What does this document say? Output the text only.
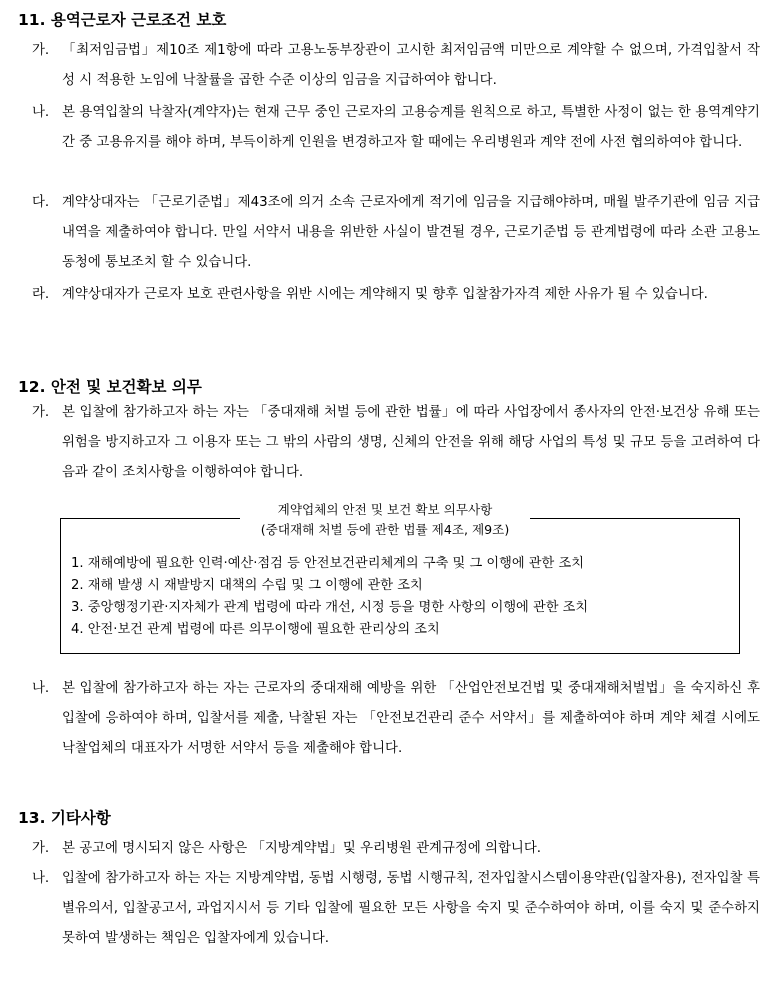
11. 용역근로자 근로조건 보호
가. 「최저임금법」제10조 제1항에 따라 고용노동부장관이 고시한 최저임금액 미만으로 계약할 수 없으며, 가격입찰서 작성 시 적용한 노임에 낙찰률을 곱한 수준 이상의 임금을 지급하여야 합니다.
나. 본 용역입찰의 낙찰자(계약자)는 현재 근무 중인 근로자의 고용승계를 원칙으로 하고, 특별한 사정이 없는 한 용역계약기간 중 고용유지를 해야 하며, 부득이하게 인원을 변경하고자 할 때에는 우리병원과 계약 전에 사전 협의하여야 합니다.
다. 계약상대자는 「근로기준법」제43조에 의거 소속 근로자에게 적기에 임금을 지급해야하며, 매월 발주기관에 임금 지급내역을 제출하여야 합니다. 만일 서약서 내용을 위반한 사실이 발견될 경우, 근로기준법 등 관계법령에 따라 소관 고용노동청에 통보조치 할 수 있습니다.
라. 계약상대자가 근로자 보호 관련사항을 위반 시에는 계약해지 및 향후 입찰참가자격 제한 사유가 될 수 있습니다.
12. 안전 및 보건확보 의무
가. 본 입찰에 참가하고자 하는 자는 「중대재해 처벌 등에 관한 법률」에 따라 사업장에서 종사자의 안전·보건상 유해 또는 위험을 방지하고자 그 이용자 또는 그 밖의 사람의 생명, 신체의 안전을 위해 해당 사업의 특성 및 규모 등을 고려하여 다음과 같이 조치사항을 이행하여야 합니다.
1. 재해예방에 필요한 인력·예산·점검 등 안전보건관리체계의 구축 및 그 이행에 관한 조치
2. 재해 발생 시 재발방지 대책의 수립 및 그 이행에 관한 조치
3. 중앙행정기관·지자체가 관계 법령에 따라 개선, 시정 등을 명한 사항의 이행에 관한 조치
4. 안전·보건 관계 법령에 따른 의무이행에 필요한 관리상의 조치
계약업체의 안전 및 보건 확보 의무사항
(중대재해 처벌 등에 관한 법률 제4조, 제9조)
나. 본 입찰에 참가하고자 하는 자는 근로자의 중대재해 예방을 위한 「산업안전보건법 및 중대재해처벌법」을 숙지하신 후 입찰에 응하여야 하며, 입찰서를 제출, 낙찰된 자는 「안전보건관리 준수 서약서」를 제출하여야 하며 계약 체결 시에도 낙찰업체의 대표자가 서명한 서약서 등을 제출해야 합니다.
13. 기타사항
가. 본 공고에 명시되지 않은 사항은 「지방계약법」및 우리병원 관계규정에 의합니다.
나. 입찰에 참가하고자 하는 자는 지방계약법, 동법 시행령, 동법 시행규칙, 전자입찰시스템이용약관(입찰자용), 전자입찰 특별유의서, 입찰공고서, 과업지시서 등 기타 입찰에 필요한 모든 사항을 숙지 및 준수하여야 하며, 이를 숙지 및 준수하지 못하여 발생하는 책임은 입찰자에게 있습니다.
